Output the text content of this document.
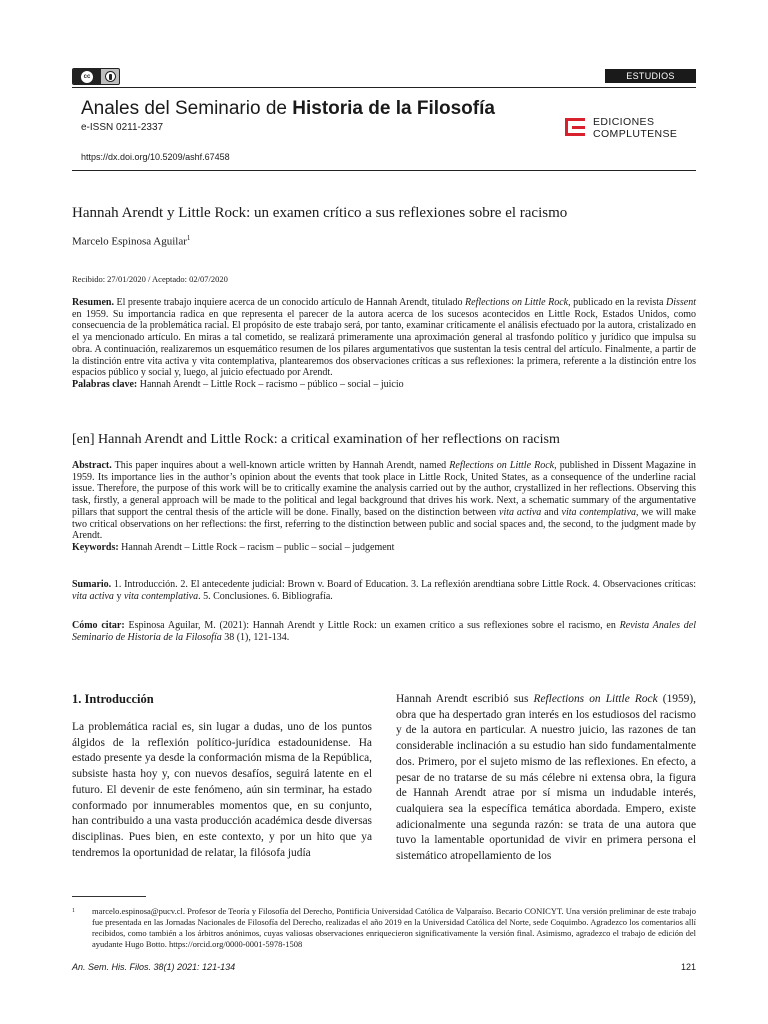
cc	ESTUDIOS
Anales del Seminario de Historia de la Filosofía
e-ISSN 0211-2337
https://dx.doi.org/10.5209/ashf.67458
EDICIONES
COMPLUTENSE
Hannah Arendt y Little Rock: un examen crítico a sus reflexiones sobre el racismo
Marcelo Espinosa Aguilar$^1$
Recibido: 27/01/2020 / Aceptado: 02/07/2020
Resumen. El presente trabajo inquiere acerca de un conocido artículo de Hannah Arendt, titulado Reflections on Little Rock, publicado en la revista Dissent en 1959. Su importancia radica en que representa el parecer de la autora acerca de los sucesos acontecidos en Little Rock, Estados Unidos, como consecuencia de la problemática racial. El propósito de este trabajo será, por tanto, examinar críticamente el análisis efectuado por la autora, cristalizado en el ya mencionado artículo. En miras a tal cometido, se realizará primeramente una aproximación general al trasfondo político y jurídico que impulsa su obra. A continuación, realizaremos un esquemático resumen de los pilares argumentativos que sustentan la tesis central del artículo. Finalmente, a partir de la distinción entre vita activa y vita contemplativa, plantearemos dos observaciones críticas a sus reflexiones: la primera, referente a la distinción entre los espacios público y social y, luego, al juicio efectuado por Arendt.
Palabras clave: Hannah Arendt – Little Rock – racismo – público – social – juicio
[en] Hannah Arendt and Little Rock: a critical examination of her reflections on racism
Abstract. This paper inquires about a well-known article written by Hannah Arendt, named Reflections on Little Rock, published in Dissent Magazine in 1959. Its importance lies in the author’s opinion about the events that took place in Little Rock, United States, as a consequence of the underline racial issue. Therefore, the purpose of this work will be to critically examine the analysis carried out by the author, crystallized in her reflections. Observing this task, firstly, a general approach will be made to the political and legal background that drives his work. Next, a schematic summary of the argumentative pillars that support the central thesis of the article will be done. Finally, based on the distinction between vita activa and vita contemplativa, we will make two critical observations on her reflections: the first, referring to the distinction between public and social spaces and, the second, to the judgment made by Arendt.
Keywords: Hannah Arendt – Little Rock – racism – public – social – judgement
Sumario. 1. Introducción. 2. El antecedente judicial: Brown v. Board of Education. 3. La reflexión arendtiana sobre Little Rock. 4. Observaciones críticas: vita activa y vita contemplativa. 5. Conclusiones. 6. Bibliografía.
Cómo citar: Espinosa Aguilar, M. (2021): Hannah Arendt y Little Rock: un examen crítico a sus reflexiones sobre el racismo, en Revista Anales del Seminario de Historia de la Filosofía 38 (1), 121-134.
1. Introducción
La problemática racial es, sin lugar a dudas, uno de los puntos álgidos de la reflexión político-jurídica estadounidense. Ha estado presente ya desde la conformación misma de la República, subsiste hasta hoy y, con nuevos desafíos, seguirá latente en el futuro. El devenir de este fenómeno, aún sin terminar, ha estado conformado por innumerables momentos que, en su conjunto, han contribuido a una vasta producción académica desde diversas disciplinas. Pues bien, en este contexto, y por un hito que ya tendremos la oportunidad de relatar, la filósofa judía
Hannah Arendt escribió sus Reflections on Little Rock (1959), obra que ha despertado gran interés en los estudiosos del racismo y de la autora en particular. A nuestro juicio, las razones de tan considerable inclinación a su estudio han sido fundamentalmente dos. Primero, por el sujeto mismo de las reflexiones. En efecto, a pesar de no tratarse de su más célebre ni extensa obra, la figura de Hannah Arendt atrae por sí misma un indudable interés, cualquiera sea la específica temática abordada. Empero, existe adicionalmente una segunda razón: se trata de una autora que tuvo la lamentable oportunidad de vivir en primera persona el sistemático atropellamiento de los
1	marcelo.espinosa@pucv.cl. Profesor de Teoría y Filosofía del Derecho, Pontificia Universidad Católica de Valparaíso. Becario CONICYT. Una versión preliminar de este trabajo fue presentada en las Jornadas Nacionales de Filosofía del Derecho, realizadas el año 2019 en la Universidad Católica del Norte, sede Coquimbo. Agradezco los comentarios allí recibidos, como también a los árbitros anónimos, cuyas valiosas observaciones enriquecieron significativamente la versión final. Asimismo, agradezco el trabajo de edición del ayudante Hugo Botto. https://orcid.org/0000-0001-5978-1508
An. Sem. His. Filos. 38(1) 2021: 121-134	121
